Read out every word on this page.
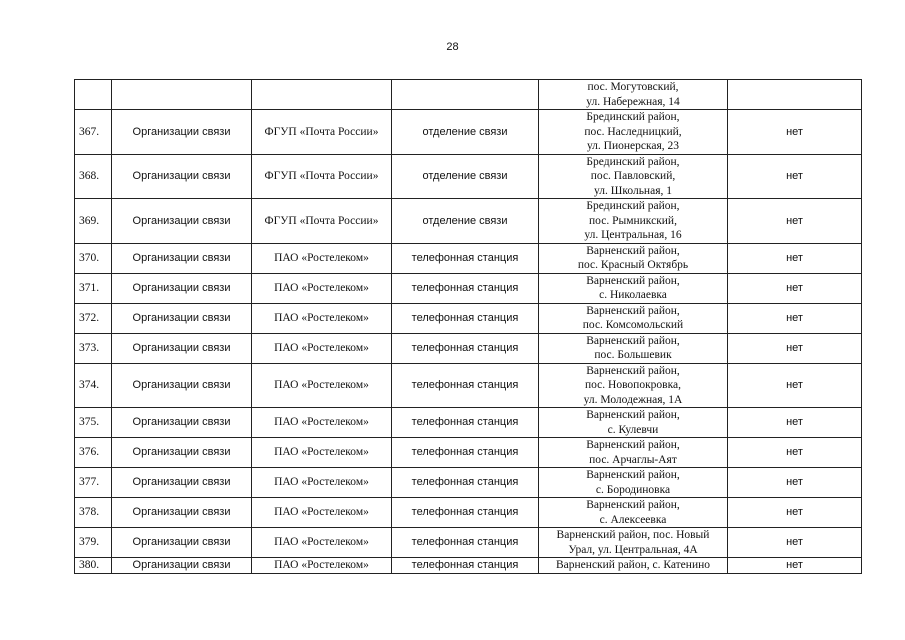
28

				пос. Могутовский,
ул. Набережная, 14	

367.	Организации связи	ФГУП «Почта России»	отделение связи	Брединский район,
пос. Наследницкий,
ул. Пионерская, 23	нет
368.	Организации связи	ФГУП «Почта России»	отделение связи	Брединский район,
пос. Павловский,
ул. Школьная, 1	нет
369.	Организации связи	ФГУП «Почта России»	отделение связи	Брединский район,
пос. Рымникский,
ул. Центральная, 16	нет
370.	Организации связи	ПАО «Ростелеком»	телефонная станция	Варненский район,
пос. Красный Октябрь	нет
371.	Организации связи	ПАО «Ростелеком»	телефонная станция	Варненский район,
с. Николаевка	нет
372.	Организации связи	ПАО «Ростелеком»	телефонная станция	Варненский район,
пос. Комсомольский	нет
373.	Организации связи	ПАО «Ростелеком»	телефонная станция	Варненский район,
пос. Большевик	нет
374.	Организации связи	ПАО «Ростелеком»	телефонная станция	Варненский район,
пос. Новопокровка,
ул. Молодежная, 1А	нет
375.	Организации связи	ПАО «Ростелеком»	телефонная станция	Варненский район,
с. Кулевчи	нет
376.	Организации связи	ПАО «Ростелеком»	телефонная станция	Варненский район,
пос. Арчаглы-Аят	нет
377.	Организации связи	ПАО «Ростелеком»	телефонная станция	Варненский район,
с. Бородиновка	нет
378.	Организации связи	ПАО «Ростелеком»	телефонная станция	Варненский район,
с. Алексеевка	нет
379.	Организации связи	ПАО «Ростелеком»	телефонная станция	Варненский район, пос. Новый
Урал, ул. Центральная, 4А	нет
380.	Организации связи	ПАО «Ростелеком»	телефонная станция	Варненский район, с. Катенино	нет
